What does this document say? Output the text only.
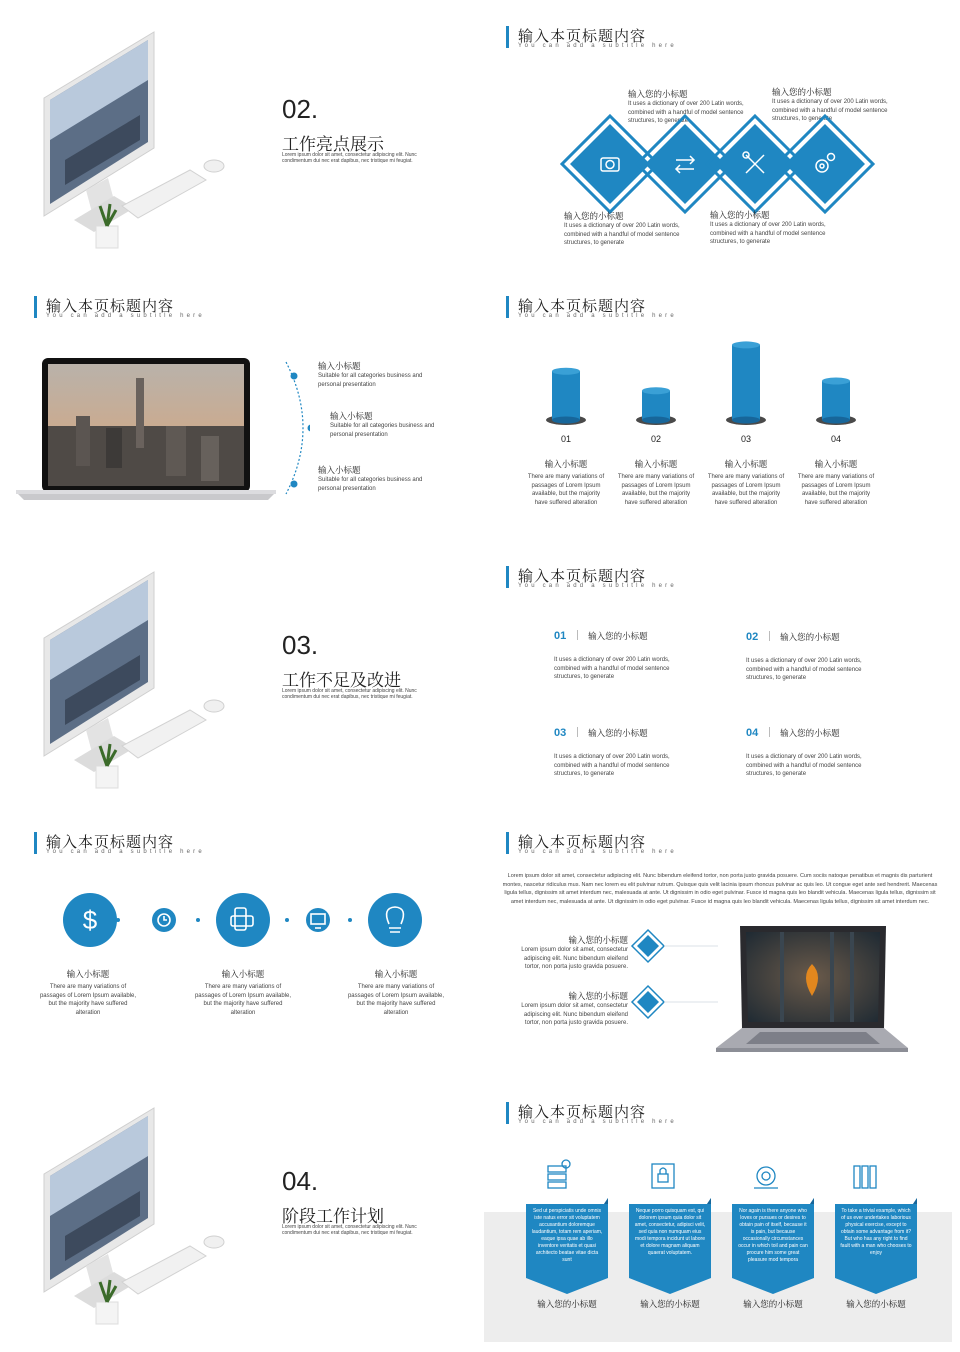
02.
工作亮点展示
Lorem ipsum dolor sit amet, consectetur adipiscing elit. Nunc condimentum dui nec erat dapibus, nec tristique mi feugiat.
输入本页标题内容
You can add a subtitle here
输入您的小标题
It uses a dictionary of over 200 Latin words, combined with a handful of model sentence structures, to generate
输入您的小标题
It uses a dictionary of over 200 Latin words, combined with a handful of model sentence structures, to generate
输入您的小标题
It uses a dictionary of over 200 Latin words, combined with a handful of model sentence structures, to generate
输入您的小标题
It uses a dictionary of over 200 Latin words, combined with a handful of model sentence structures, to generate
输入本页标题内容
You can add a subtitle here
输入小标题
Suitable for all categories business and personal presentation
输入小标题
Suitable for all categories business and personal presentation
输入小标题
Suitable for all categories business and personal presentation
输入本页标题内容
You can add a subtitle here
01	02	03	04
输入小标题
There are many variations of passages of Lorem Ipsum available, but the majority have suffered alteration
输入小标题
There are many variations of passages of Lorem Ipsum available, but the majority have suffered alteration
输入小标题
There are many variations of passages of Lorem Ipsum available, but the majority have suffered alteration
输入小标题
There are many variations of passages of Lorem Ipsum available, but the majority have suffered alteration
03.
工作不足及改进
Lorem ipsum dolor sit amet, consectetur adipiscing elit. Nunc condimentum dui nec erat dapibus, nec tristique mi feugiat.
输入本页标题内容
You can add a subtitle here
01	输入您的小标题
It uses a dictionary of over 200 Latin words, combined with a handful of model sentence structures, to generate
02	输入您的小标题
It uses a dictionary of over 200 Latin words, combined with a handful of model sentence structures, to generate
03	输入您的小标题
It uses a dictionary of over 200 Latin words, combined with a handful of model sentence structures, to generate
04	输入您的小标题
It uses a dictionary of over 200 Latin words, combined with a handful of model sentence structures, to generate
输入本页标题内容
You can add a subtitle here
$
输入小标题
There are many variations of passages of Lorem Ipsum available, but the majority have suffered alteration
输入小标题
There are many variations of passages of Lorem Ipsum available, but the majority have suffered alteration
输入小标题
There are many variations of passages of Lorem Ipsum available, but the majority have suffered alteration
输入本页标题内容
You can add a subtitle here
Lorem ipsum dolor sit amet, consectetur adipiscing elit. Nunc bibendum eleifend tortor, non porta justo gravida posuere. Cum sociis natoque penatibus et magnis dis parturient montes, nascetur ridiculus mus. Nam nec lorem eu elit pulvinar rutrum. Quisque quis velit lacinia ipsum rhoncus pulvinar ac quis leo. Ut congue eget ante sed hendrerit. Maecenas ligula tellus, dignissim sit amet interdum nec, malesuada at ante. Ut dignissim in odio eget pulvinar. Fusce id magna quis leo blandit vehicula. Maecenas ligula tellus, dignissim sit amet interdum nec, malesuada at ante. Ut dignissim in odio eget pulvinar. Fusce id magna quis leo blandit vehicula. Maecenas ligula tellus, dignissim sit amet interdum nec.
输入您的小标题
Lorem ipsum dolor sit amet, consectetur adipiscing elit. Nunc bibendum eleifend tortor, non porta justo gravida posuere.
输入您的小标题
Lorem ipsum dolor sit amet, consectetur adipiscing elit. Nunc bibendum eleifend tortor, non porta justo gravida posuere.
04.
阶段工作计划
Lorem ipsum dolor sit amet, consectetur adipiscing elit. Nunc condimentum dui nec erat dapibus, nec tristique mi feugiat.
输入本页标题内容
You can add a subtitle here
Sed ut perspiciatis unde omnis iste natus error sit voluptatem accusantium doloremque laudantium, totam rem aperiam, eaque ipsa quae ab illo inventore veritatis et quasi architecto beatae vitae dicta sunt
输入您的小标题
Neque porro quisquam est, qui dolorem ipsum quia dolor sit amet, consectetur, adipisci velit, sed quia non numquam eius modi tempora incidunt ut labore et dolore magnam aliquam quaerat voluptatem.
输入您的小标题
Nor again is there anyone who loves or pursues or desires to obtain pain of itself, because it is pain, but because occasionally circumstances occur in which toil and pain can procure him some great pleasure mod tempora
输入您的小标题
To take a trivial example, which of us ever undertakes laborious physical exercise, except to obtain some advantage from it? But who has any right to find fault with a man who chooses to enjoy
输入您的小标题
